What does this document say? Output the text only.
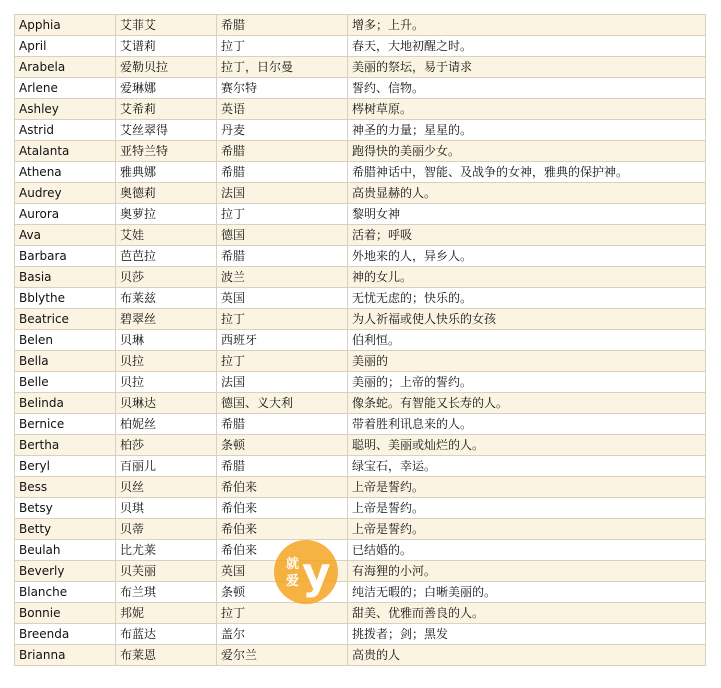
Apphia	艾菲艾	希腊	增多；上升。
April	艾谱莉	拉丁	春天，大地初醒之时。
Arabela	爱勒贝拉	拉丁，日尔曼	美丽的祭坛，易于请求
Arlene	爱琳娜	赛尔特	誓约、信物。
Ashley	艾希莉	英语	梣树草原。
Astrid	艾丝翠得	丹麦	神圣的力量；星星的。
Atalanta	亚特兰特	希腊	跑得快的美丽少女。
Athena	雅典娜	希腊	希腊神话中，智能、及战争的女神，雅典的保护神。
Audrey	奥德莉	法国	高贵显赫的人。
Aurora	奥萝拉	拉丁	黎明女神
Ava	艾娃	德国	活着；呼吸
Barbara	芭芭拉	希腊	外地来的人，异乡人。
Basia	贝莎	波兰	神的女儿。
Bblythe	布莱兹	英国	无忧无虑的；快乐的。
Beatrice	碧翠丝	拉丁	为人祈福或使人快乐的女孩
Belen	贝琳	西班牙	伯利恒。
Bella	贝拉	拉丁	美丽的
Belle	贝拉	法国	美丽的；上帝的誓约。
Belinda	贝琳达	德国、义大利	像条蛇。有智能又长寿的人。
Bernice	柏妮丝	希腊	带着胜利讯息来的人。
Bertha	柏莎	条顿	聪明、美丽或灿烂的人。
Beryl	百丽儿	希腊	绿宝石，幸运。
Bess	贝丝	希伯来	上帝是誓约。
Betsy	贝琪	希伯来	上帝是誓约。
Betty	贝蒂	希伯来	上帝是誓约。
Beulah	比尤莱	希伯来	已结婚的。
Beverly	贝芙丽	英国	有海狸的小河。
Blanche	布兰琪	条顿	纯洁无暇的；白晰美丽的。
Bonnie	邦妮	拉丁	甜美、优雅而善良的人。
Breenda	布蓝达	盖尔	挑拨者；剑；黑发
Brianna	布莱恩	爱尔兰	高贵的人
就
爱 y
